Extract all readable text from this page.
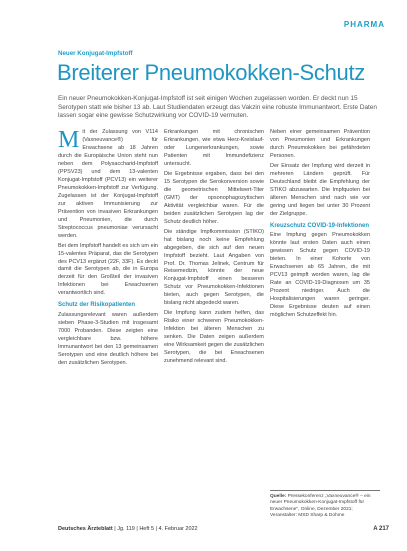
PHARMA
Neuer Konjugat-Impfstoff
Breiterer Pneumokokken-Schutz

Ein neuer Pneumokokken-Konjugat-Impfstoff ist seit einigen Wochen zugelassen worden. Er deckt nun 15 Serotypen statt wie bisher 13 ab. Laut Studiendaten erzeugt das Vakzin eine robuste Immunantwort. Erste Daten lassen sogar eine gewisse Schutzwirkung vor COVID-19 vermuten.

M it der Zulassung von V114 (Vaxneuvance®) für Erwachsene ab 18 Jahren durch die Europäische Union steht nun neben dem Polysaccharid-Impfstoff (PPSV23) und dem 13-valenten Konjugat-Impfstoff (PCV13) ein weiterer Pneumokokken-Impfstoff zur Verfügung. Zugelassen ist der Konjugat-Impfstoff zur aktiven Immunisierung zur Prävention von invasiven Erkrankungen und Pneumonien, die durch Streptococcus pneumoniae verursacht werden.

Bei dem Impfstoff handelt es sich um ein 15-valentes Präparat, das die Serotypen des PCV13 ergänzt (22F, 33F). Es deckt damit die Serotypen ab, die in Europa derzeit für den Großteil der invasiven Infektionen bei Erwachsenen verantwortlich sind.

Schutz der Risikopatienten

Zulassungsrelevant waren außerdem sieben Phase-3-Studien mit insgesamt 7000 Probanden. Diese zeigten eine vergleichbare bzw. höhere Immunantwort bei den 13 gemeinsamen Serotypen und eine deutlich höhere bei den zusätzlichen Serotypen.

Erkrankungen mit chronischen Erkrankungen, wie etwa Herz-Kreislauf- oder Lungenerkrankungen, sowie Patienten mit Immundefizienz untersucht.

Die Ergebnisse ergaben, dass bei den 15 Serotypen die Serokonversion sowie die geometrischen Mittelwert-Titer (GMT) der opsonophagozytischen Aktivität vergleichbar waren. Für die beiden zusätzlichen Serotypen lag der Schutz deutlich höher.

Die ständige Impfkommission (STIKO) hat bislang noch keine Empfehlung abgegeben, die sich auf den neuen Impfstoff bezieht. Laut Angaben von Prof. Dr. Thomas Jelinek, Centrum für Reisemedizin, könnte der neue Konjugat-Impfstoff einen besseren Schutz vor Pneumokokken-Infektionen bieten, auch gegen Serotypen, die bislang nicht abgedeckt waren.

Die Impfung kann zudem helfen, das Risiko einer schweren Pneumokokken-Infektion bei älteren Menschen zu senken. Die Daten zeigen außerdem eine Wirksamkeit gegen die zusätzlichen Serotypen, die bei Erwachsenen zunehmend relevant sind.

Neben einer gemeinsamen Prävention von Pneumonien und Erkrankungen durch Pneumokokken bei gefährdeten Personen.

Der Einsatz der Impfung wird derzeit in mehreren Ländern geprüft. Für Deutschland bleibt die Empfehlung der STIKO abzuwarten. Die Impfquoten bei älteren Menschen sind nach wie vor gering und liegen bei unter 30 Prozent der Zielgruppe.

Kreuzschutz COVID-19-Infektionen

Eine Impfung gegen Pneumokokken könnte laut ersten Daten auch einen gewissen Schutz gegen COVID-19 bieten. In einer Kohorte von Erwachsenen ab 65 Jahren, die mit PCV13 geimpft worden waren, lag die Rate an COVID-19-Diagnosen um 35 Prozent niedriger. Auch die Hospitalisierungen waren geringer. Diese Ergebnisse deuten auf einen möglichen Schutzeffekt hin.

Quelle: Pressekonferenz „Vaxneuvance® – ein neuer Pneumokokken-Konjugat-Impfstoff für Erwachsene", Online, Dezember 2021; Veranstalter: MSD Sharp & Dohme
Deutsches Ärzteblatt | Jg. 119 | Heft 5 | 4. Februar 2022	A 217
